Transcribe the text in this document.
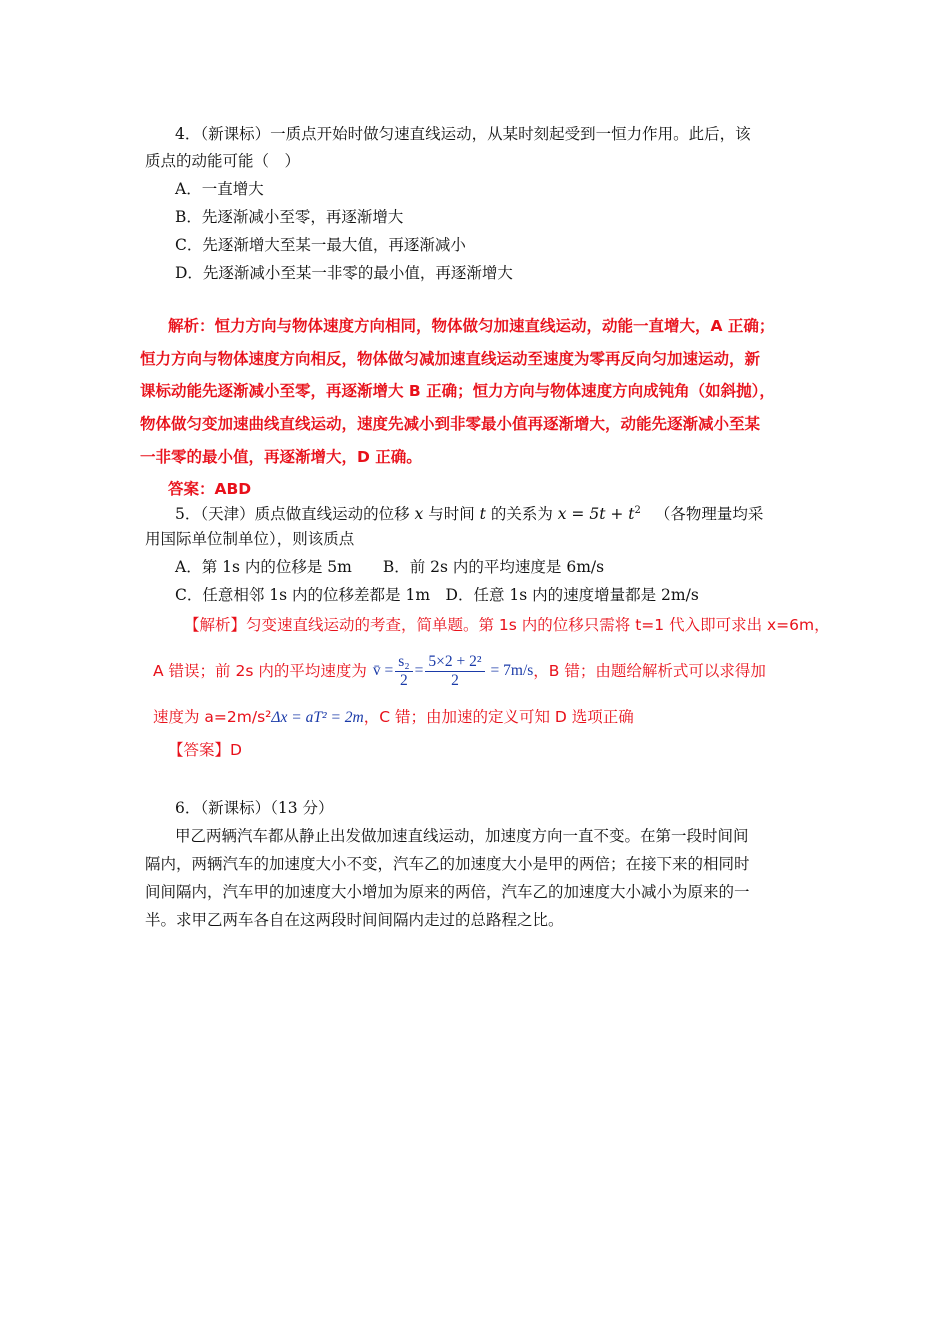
4．（新课标）一质点开始时做匀速直线运动，从某时刻起受到一恒力作用。此后，该
质点的动能可能（　）
A．一直增大
B．先逐渐减小至零，再逐渐增大
C．先逐渐增大至某一最大值，再逐渐减小
D．先逐渐减小至某一非零的最小值，再逐渐增大
解析：恒力方向与物体速度方向相同，物体做匀加速直线运动，动能一直增大，A 正确；
恒力方向与物体速度方向相反，物体做匀减加速直线运动至速度为零再反向匀加速运动，新
课标动能先逐渐减小至零，再逐渐增大 B 正确；恒力方向与物体速度方向成钝角（如斜抛），
物体做匀变加速曲线直线运动，速度先减小到非零最小值再逐渐增大，动能先逐渐减小至某
一非零的最小值，再逐渐增大，D 正确。
答案：ABD
5．（天津）质点做直线运动的位移 x 与时间 t 的关系为 $x = 5t + t^2$ （各物理量均采
用国际单位制单位），则该质点
A．第 1s 内的位移是 5m　　B．前 2s 内的平均速度是 6m/s
C．任意相邻 1s 内的位移差都是 1m　D．任意 1s 内的速度增量都是 2m/s
【解析】匀变速直线运动的考查，简单题。第 1s 内的位移只需将 t=1 代入即可求出 x=6m，
A 错误；前 2s 内的平均速度为 v̄ = $\frac{\text{s₂}}{2} = \frac{\text{5×2 + 2²}}{2} = 7m/s$ ，B 错；由题给解析式可以求得加
速度为 a=2m/s²Δx = aT² = 2m，C 错；由加速的定义可知 D 选项正确
【答案】D
6．（新课标）（13 分）
甲乙两辆汽车都从静止出发做加速直线运动，加速度方向一直不变。在第一段时间间
隔内，两辆汽车的加速度大小不变，汽车乙的加速度大小是甲的两倍；在接下来的相同时
间间隔内，汽车甲的加速度大小增加为原来的两倍，汽车乙的加速度大小减小为原来的一
半。求甲乙两车各自在这两段时间间隔内走过的总路程之比。
